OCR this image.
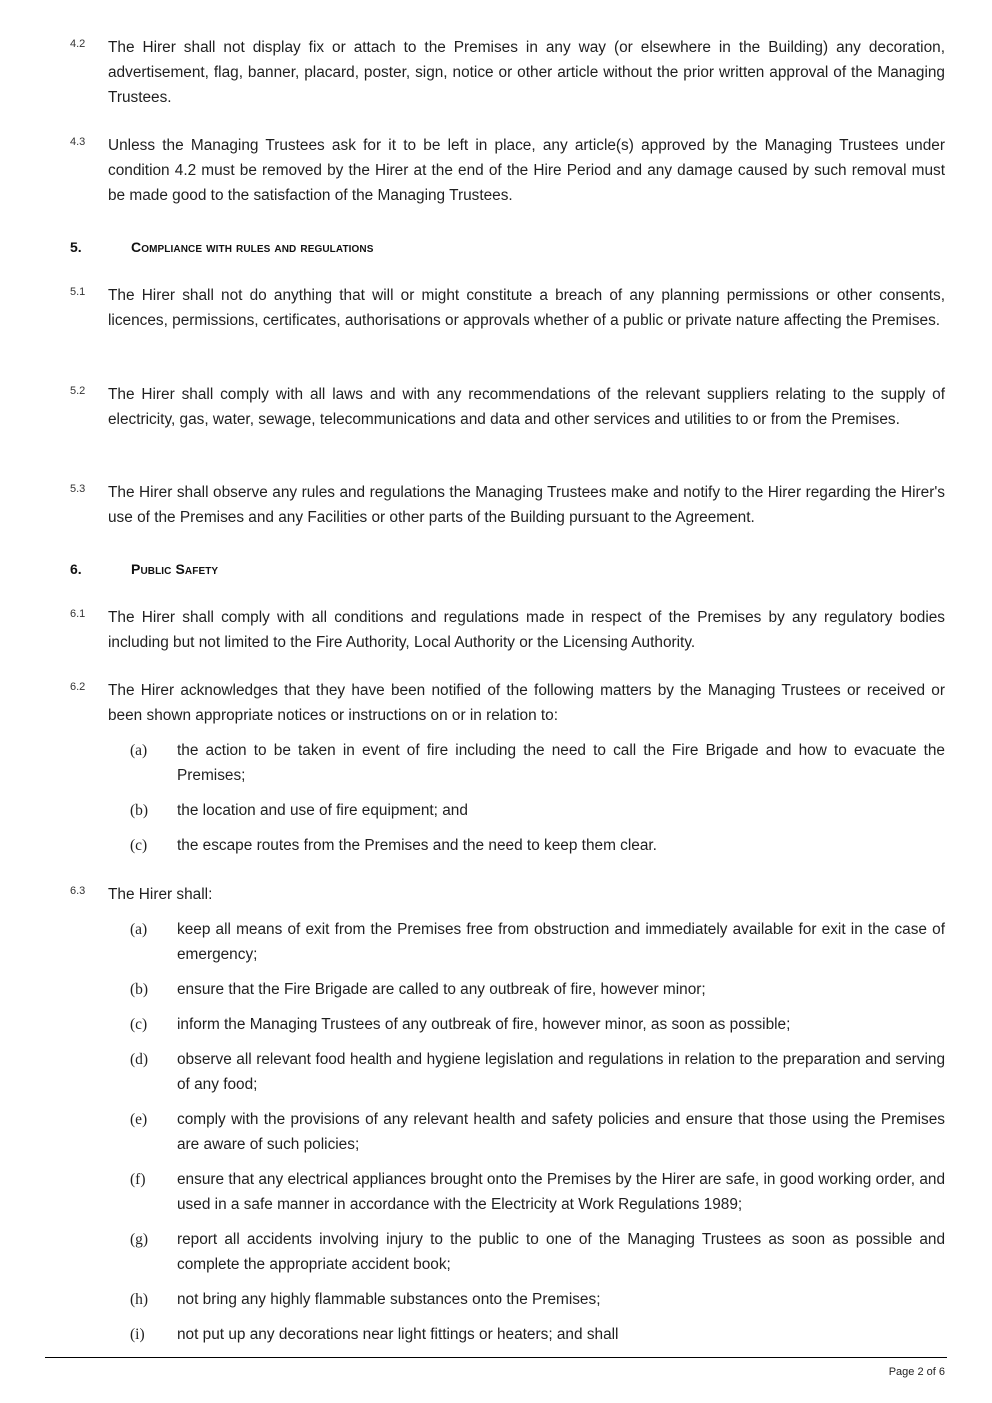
4.2 The Hirer shall not display fix or attach to the Premises in any way (or elsewhere in the Building) any decoration, advertisement, flag, banner, placard, poster, sign, notice or other article without the prior written approval of the Managing Trustees.
4.3 Unless the Managing Trustees ask for it to be left in place, any article(s) approved by the Managing Trustees under condition 4.2 must be removed by the Hirer at the end of the Hire Period and any damage caused by such removal must be made good to the satisfaction of the Managing Trustees.
5.	Compliance with rules and regulations
5.1 The Hirer shall not do anything that will or might constitute a breach of any planning permissions or other consents, licences, permissions, certificates, authorisations or approvals whether of a public or private nature affecting the Premises.
5.2 The Hirer shall comply with all laws and with any recommendations of the relevant suppliers relating to the supply of electricity, gas, water, sewage, telecommunications and data and other services and utilities to or from the Premises.
5.3 The Hirer shall observe any rules and regulations the Managing Trustees make and notify to the Hirer regarding the Hirer's use of the Premises and any Facilities or other parts of the Building pursuant to the Agreement.
6.	Public Safety
6.1 The Hirer shall comply with all conditions and regulations made in respect of the Premises by any regulatory bodies including but not limited to the Fire Authority, Local Authority or the Licensing Authority.
6.2 The Hirer acknowledges that they have been notified of the following matters by the Managing Trustees or received or been shown appropriate notices or instructions on or in relation to:
(a) the action to be taken in event of fire including the need to call the Fire Brigade and how to evacuate the Premises;
(b) the location and use of fire equipment; and
(c) the escape routes from the Premises and the need to keep them clear.
6.3 The Hirer shall:
(a) keep all means of exit from the Premises free from obstruction and immediately available for exit in the case of emergency;
(b) ensure that the Fire Brigade are called to any outbreak of fire, however minor;
(c) inform the Managing Trustees of any outbreak of fire, however minor, as soon as possible;
(d) observe all relevant food health and hygiene legislation and regulations in relation to the preparation and serving of any food;
(e) comply with the provisions of any relevant health and safety policies and ensure that those using the Premises are aware of such policies;
(f) ensure that any electrical appliances brought onto the Premises by the Hirer are safe, in good working order, and used in a safe manner in accordance with the Electricity at Work Regulations 1989;
(g) report all accidents involving injury to the public to one of the Managing Trustees as soon as possible and complete the appropriate accident book;
(h) not bring any highly flammable substances onto the Premises;
(i) not put up any decorations near light fittings or heaters; and shall
Page 2 of 6
